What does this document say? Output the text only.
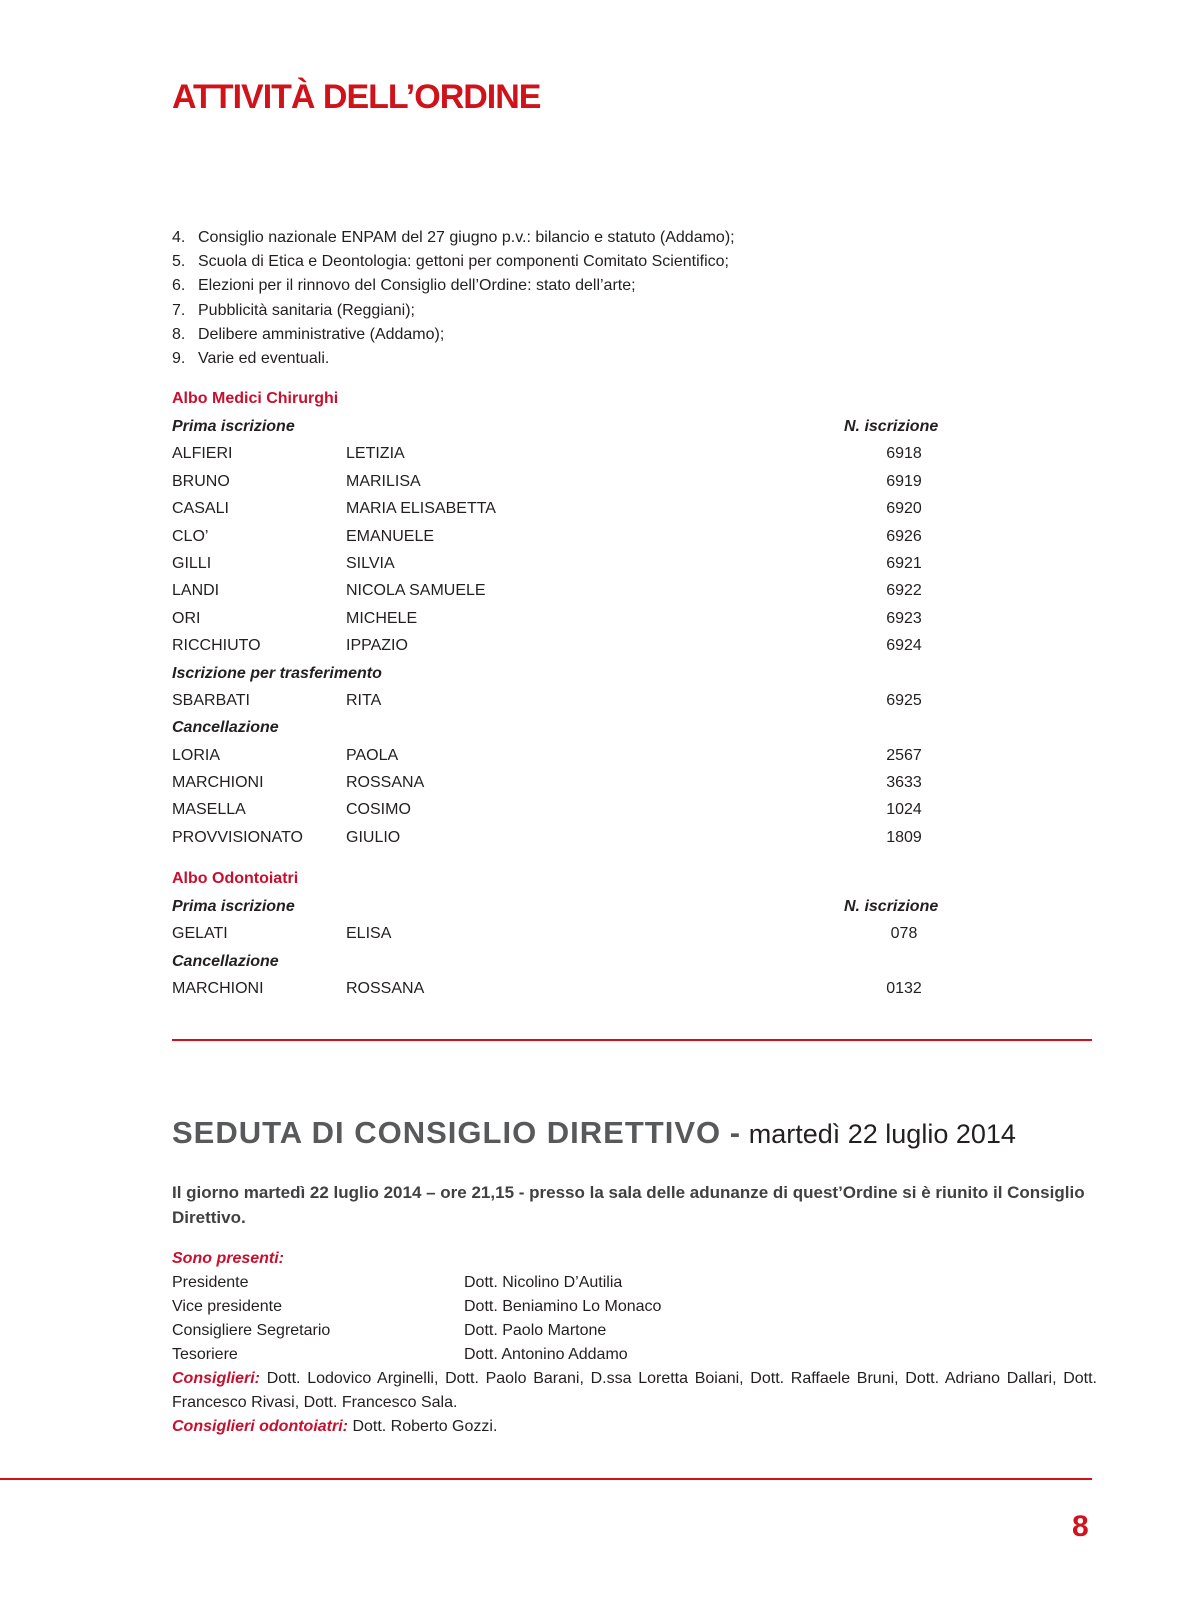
ATTIVITÀ DELL’ORDINE
4. Consiglio nazionale ENPAM del 27 giugno p.v.: bilancio e statuto (Addamo);
5. Scuola di Etica e Deontologia: gettoni per componenti Comitato Scientifico;
6. Elezioni per il rinnovo del Consiglio dell’Ordine: stato dell’arte;
7. Pubblicità sanitaria (Reggiani);
8. Delibere amministrative (Addamo);
9. Varie ed eventuali.
Albo Medici Chirurghi
Prima iscrizione	N. iscrizione
ALFIERI	LETIZIA	6918
BRUNO	MARILISA	6919
CASALI	MARIA ELISABETTA	6920
CLO’	EMANUELE	6926
GILLI	SILVIA	6921
LANDI	NICOLA SAMUELE	6922
ORI	MICHELE	6923
RICCHIUTO	IPPAZIO	6924
Iscrizione per trasferimento
SBARBATI	RITA	6925
Cancellazione
LORIA	PAOLA	2567
MARCHIONI	ROSSANA	3633
MASELLA	COSIMO	1024
PROVVISIONATO	GIULIO	1809
Albo Odontoiatri
Prima iscrizione	N. iscrizione
GELATI	ELISA	078
Cancellazione
MARCHIONI	ROSSANA	0132
SEDUTA DI CONSIGLIO DIRETTIVO - martedì 22 luglio 2014
Il giorno martedì 22 luglio 2014 – ore 21,15 - presso la sala delle adunanze di quest’Ordine si è riunito il Consiglio Direttivo.
Sono presenti:
Presidente	Dott. Nicolino D’Autilia
Vice presidente	Dott. Beniamino Lo Monaco
Consigliere Segretario	Dott. Paolo Martone
Tesoriere	Dott. Antonino Addamo
Consiglieri: Dott. Lodovico Arginelli, Dott. Paolo Barani, D.ssa Loretta Boiani, Dott. Raffaele Bruni, Dott. Adriano Dallari, Dott. Francesco Rivasi, Dott. Francesco Sala.
Consiglieri odontoiatri: Dott. Roberto Gozzi.
8
